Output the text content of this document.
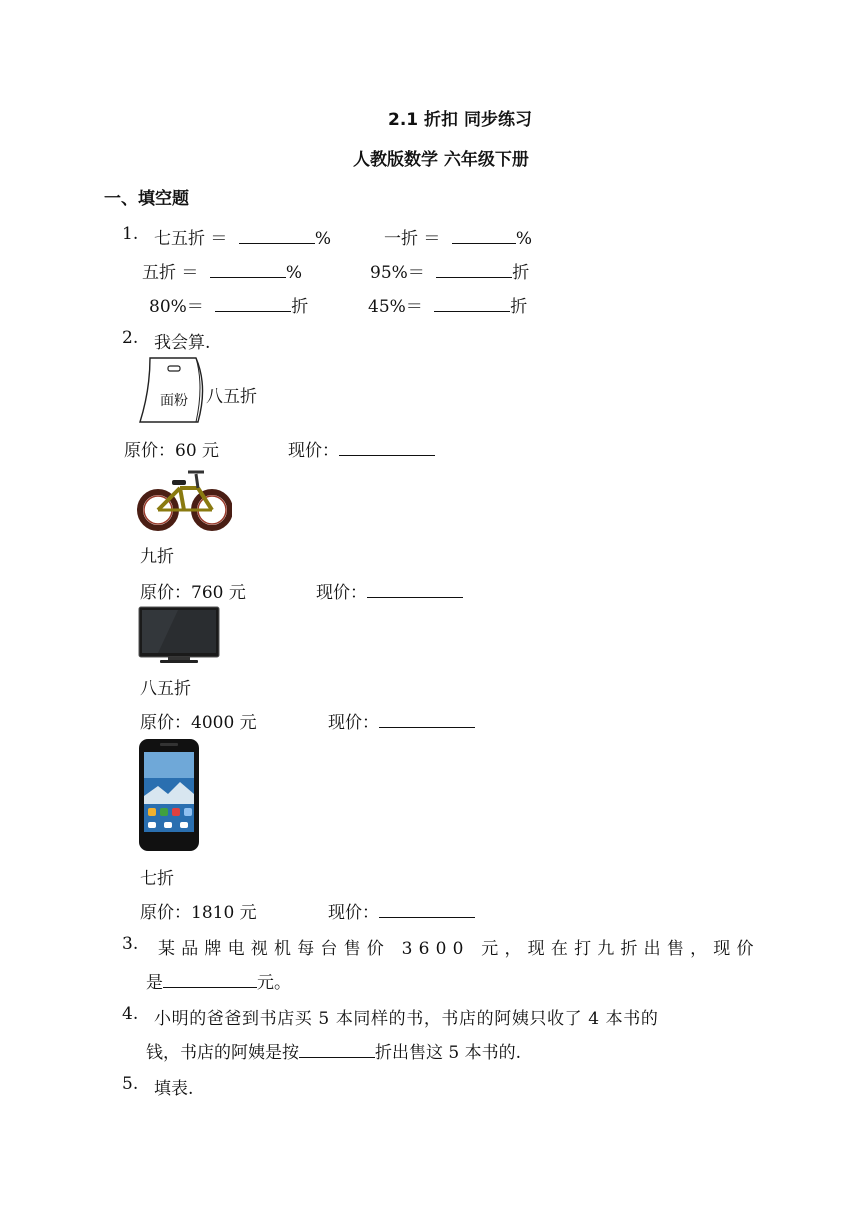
2.1 折扣 同步练习
人教版数学 六年级下册
一、填空题
1. 七五折 ＝	%	一折 ＝	%
五折 ＝	%	95%＝	折
80%＝	折	45%＝	折
2. 我会算.
面粉 八五折
原价：60 元	现价：
九折
原价：760 元	现价：
八五折
原价：4000 元	现价：
七折
原价：1810 元	现价：
3. 某品牌电视机每台售价 3600 元，现在打九折出售，现价
是	元。
4. 小明的爸爸到书店买 5 本同样的书，书店的阿姨只收了 4 本书的
钱，书店的阿姨是按	折出售这 5 本书的.
5. 填表.
